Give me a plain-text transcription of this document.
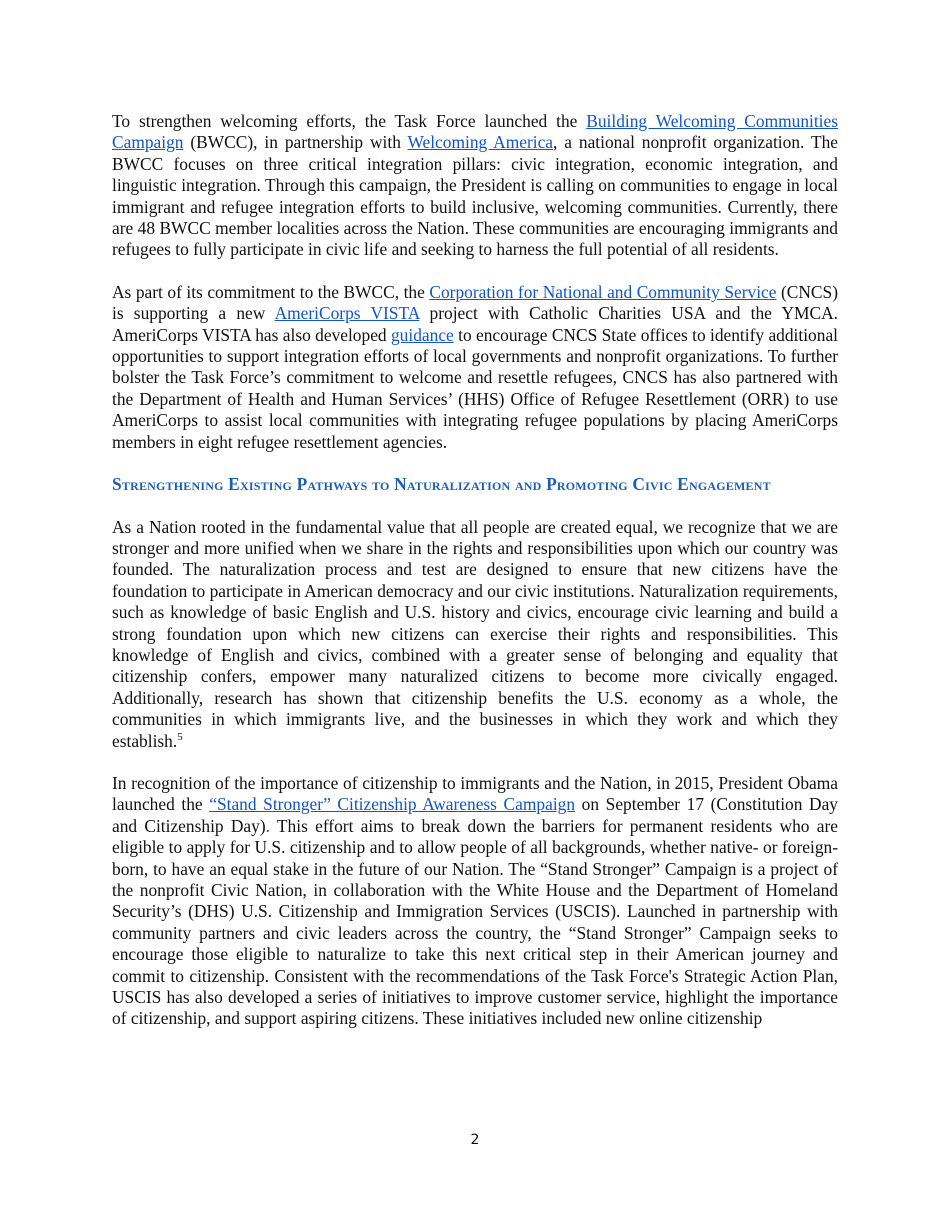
To strengthen welcoming efforts, the Task Force launched the Building Welcoming Communities Campaign (BWCC), in partnership with Welcoming America, a national nonprofit organization. The BWCC focuses on three critical integration pillars: civic integration, economic integration, and linguistic integration. Through this campaign, the President is calling on communities to engage in local immigrant and refugee integration efforts to build inclusive, welcoming communities. Currently, there are 48 BWCC member localities across the Nation. These communities are encouraging immigrants and refugees to fully participate in civic life and seeking to harness the full potential of all residents.

As part of its commitment to the BWCC, the Corporation for National and Community Service (CNCS) is supporting a new AmeriCorps VISTA project with Catholic Charities USA and the YMCA. AmeriCorps VISTA has also developed guidance to encourage CNCS State offices to identify additional opportunities to support integration efforts of local governments and nonprofit organizations. To further bolster the Task Force’s commitment to welcome and resettle refugees, CNCS has also partnered with the Department of Health and Human Services’ (HHS) Office of Refugee Resettlement (ORR) to use AmeriCorps to assist local communities with integrating refugee populations by placing AmeriCorps members in eight refugee resettlement agencies.

Strengthening Existing Pathways to Naturalization and Promoting Civic Engagement

As a Nation rooted in the fundamental value that all people are created equal, we recognize that we are stronger and more unified when we share in the rights and responsibilities upon which our country was founded. The naturalization process and test are designed to ensure that new citizens have the foundation to participate in American democracy and our civic institutions. Naturalization requirements, such as knowledge of basic English and U.S. history and civics, encourage civic learning and build a strong foundation upon which new citizens can exercise their rights and responsibilities. This knowledge of English and civics, combined with a greater sense of belonging and equality that citizenship confers, empower many naturalized citizens to become more civically engaged. Additionally, research has shown that citizenship benefits the U.S. economy as a whole, the communities in which immigrants live, and the businesses in which they work and which they establish.$^5$

In recognition of the importance of citizenship to immigrants and the Nation, in 2015, President Obama launched the “Stand Stronger” Citizenship Awareness Campaign on September 17 (Constitution Day and Citizenship Day). This effort aims to break down the barriers for permanent residents who are eligible to apply for U.S. citizenship and to allow people of all backgrounds, whether native- or foreign-born, to have an equal stake in the future of our Nation. The “Stand Stronger” Campaign is a project of the nonprofit Civic Nation, in collaboration with the White House and the Department of Homeland Security’s (DHS) U.S. Citizenship and Immigration Services (USCIS). Launched in partnership with community partners and civic leaders across the country, the “Stand Stronger” Campaign seeks to encourage those eligible to naturalize to take this next critical step in their American journey and commit to citizenship. Consistent with the recommendations of the Task Force's Strategic Action Plan, USCIS has also developed a series of initiatives to improve customer service, highlight the importance of citizenship, and support aspiring citizens. These initiatives included new online citizenship

2
